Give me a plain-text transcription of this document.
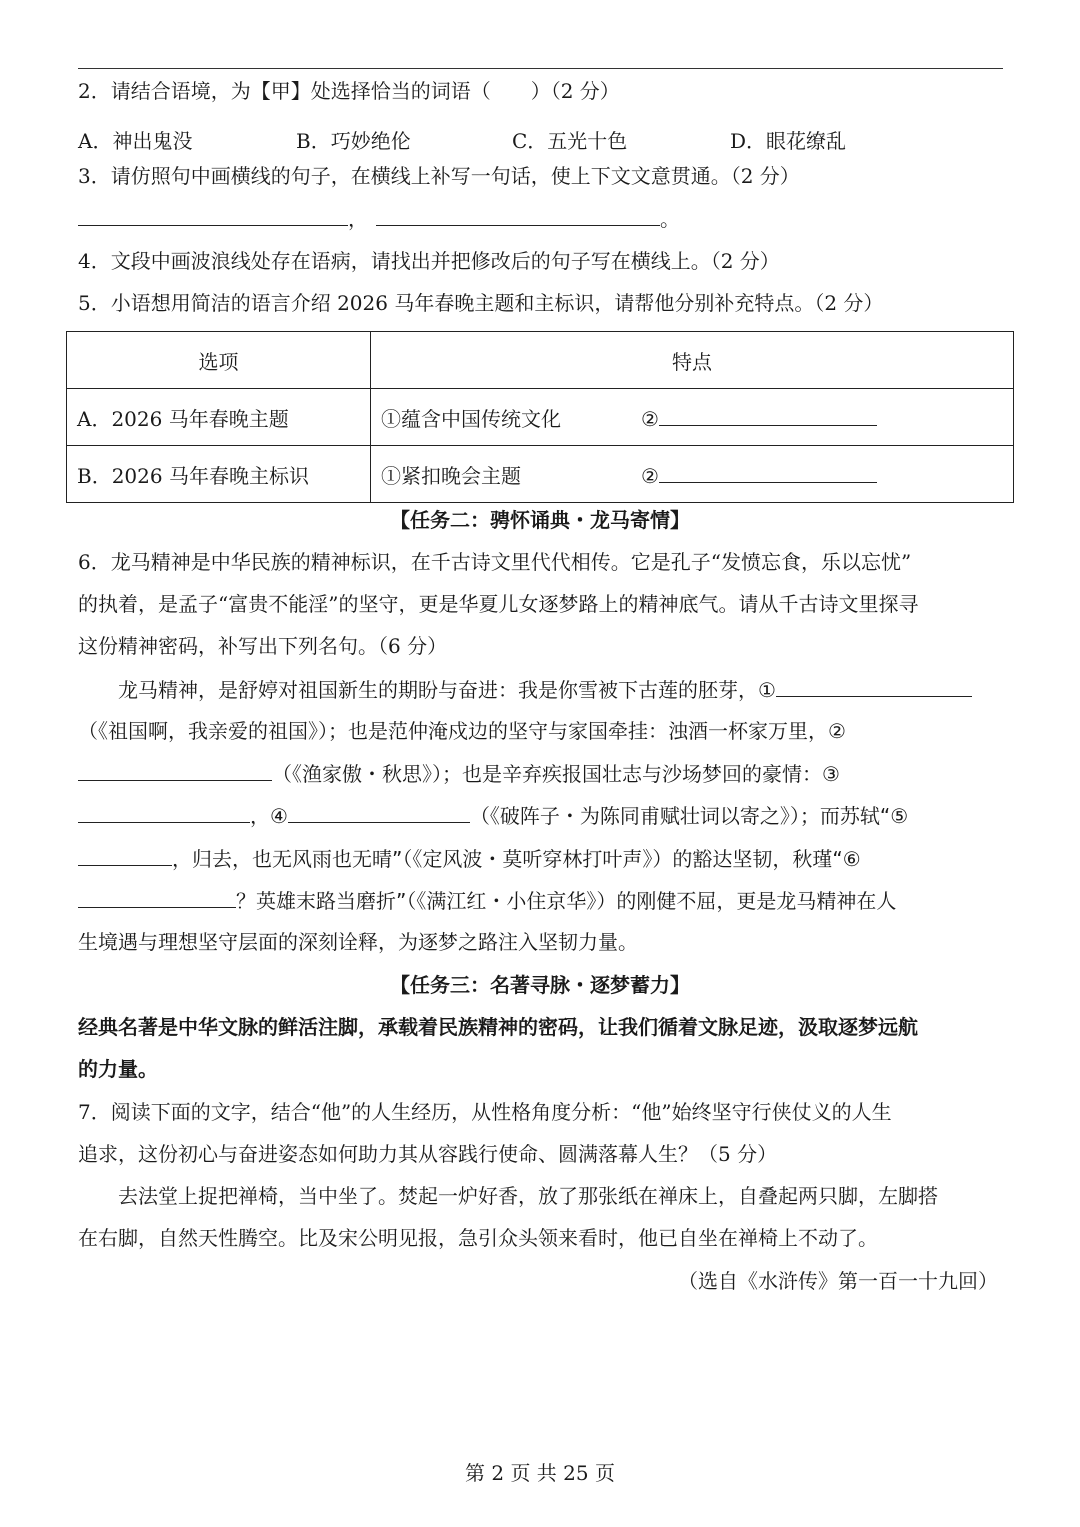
2．请结合语境，为【甲】处选择恰当的词语（　　）（2 分）
A．神出鬼没	B．巧妙绝伦	C．五光十色	D．眼花缭乱
3．请仿照句中画横线的句子，在横线上补写一句话，使上下文文意贯通。（2 分）
，	。
4．文段中画波浪线处存在语病，请找出并把修改后的句子写在横线上。（2 分）
5．小语想用简洁的语言介绍 2026 马年春晚主题和主标识，请帮他分别补充特点。（2 分）
选项	特点
A．2026 马年春晚主题	①蕴含中国传统文化 ②
B．2026 马年春晚主标识	①紧扣晚会主题 ②
【任务二：骋怀诵典・龙马寄情】
6．龙马精神是中华民族的精神标识，在千古诗文里代代相传。它是孔子“发愤忘食，乐以忘忧”
的执着，是孟子“富贵不能淫”的坚守，更是华夏儿女逐梦路上的精神底气。请从千古诗文里探寻
这份精神密码，补写出下列名句。（6 分）
龙马精神，是舒婷对祖国新生的期盼与奋进：我是你雪被下古莲的胚芽，①
（《祖国啊，我亲爱的祖国》）；也是范仲淹戍边的坚守与家国牵挂：浊酒一杯家万里，②
（《渔家傲・秋思》）；也是辛弃疾报国壮志与沙场梦回的豪情：③
，④	（《破阵子・为陈同甫赋壮词以寄之》）；而苏轼“⑤
，归去，也无风雨也无晴”（《定风波・莫听穿林打叶声》）的豁达坚韧，秋瑾“⑥
？英雄末路当磨折”（《满江红・小住京华》）的刚健不屈，更是龙马精神在人
生境遇与理想坚守层面的深刻诠释，为逐梦之路注入坚韧力量。
【任务三：名著寻脉・逐梦蓄力】
经典名著是中华文脉的鲜活注脚，承载着民族精神的密码，让我们循着文脉足迹，汲取逐梦远航
的力量。
7．阅读下面的文字，结合“他”的人生经历，从性格角度分析：“他”始终坚守行侠仗义的人生
追求，这份初心与奋进姿态如何助力其从容践行使命、圆满落幕人生？（5 分）
去法堂上捉把禅椅，当中坐了。焚起一炉好香，放了那张纸在禅床上，自叠起两只脚，左脚搭
在右脚，自然天性腾空。比及宋公明见报，急引众头领来看时，他已自坐在禅椅上不动了。
（选自《水浒传》第一百一十九回）
第 2 页 共 25 页
